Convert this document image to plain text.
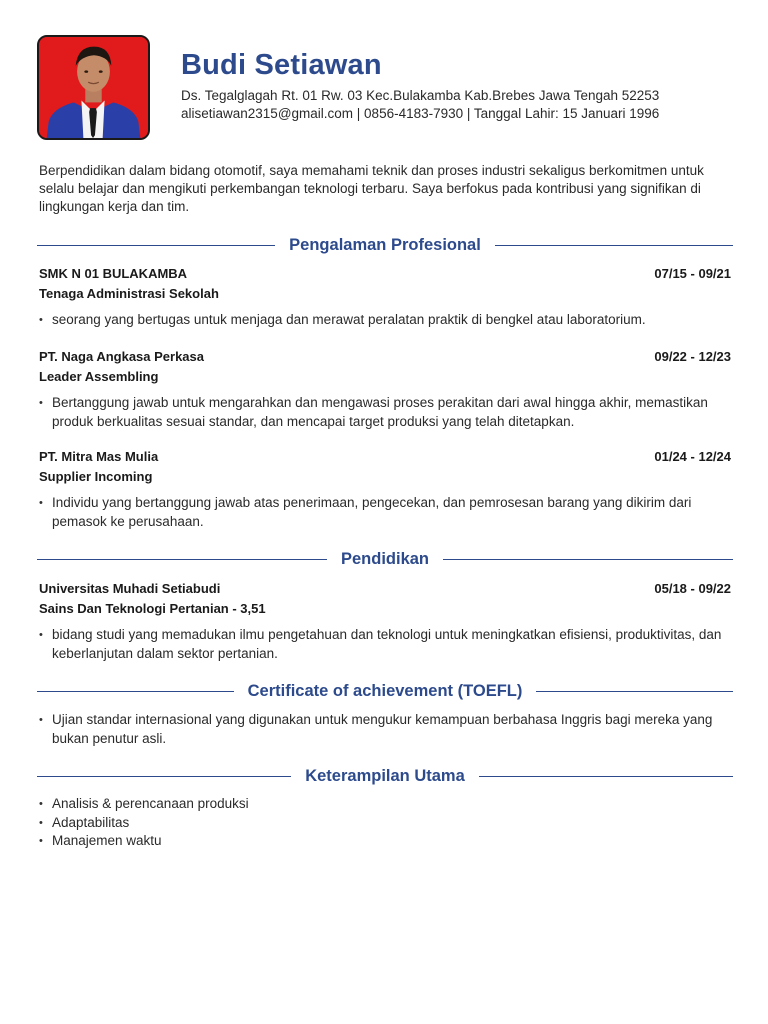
Budi Setiawan
Ds. Tegalglagah Rt. 01 Rw. 03 Kec.Bulakamba Kab.Brebes Jawa Tengah 52253
alisetiawan2315@gmail.com | 0856-4183-7930 | Tanggal Lahir: 15 Januari 1996
Berpendidikan dalam bidang otomotif, saya memahami teknik dan proses industri sekaligus berkomitmen untuk selalu belajar dan mengikuti perkembangan teknologi terbaru. Saya berfokus pada kontribusi yang signifikan di lingkungan kerja dan tim.
Pengalaman Profesional
SMK N 01 BULAKAMBA	07/15 - 09/21
Tenaga Administrasi Sekolah
• seorang yang bertugas untuk menjaga dan merawat peralatan praktik di bengkel atau laboratorium.
PT. Naga Angkasa Perkasa	09/22 - 12/23
Leader Assembling
• Bertanggung jawab untuk mengarahkan dan mengawasi proses perakitan dari awal hingga akhir, memastikan produk berkualitas sesuai standar, dan mencapai target produksi yang telah ditetapkan.
PT. Mitra Mas Mulia	01/24 - 12/24
Supplier Incoming
• Individu yang bertanggung jawab atas penerimaan, pengecekan, dan pemrosesan barang yang dikirim dari pemasok ke perusahaan.
Pendidikan
Universitas Muhadi Setiabudi	05/18 - 09/22
Sains Dan Teknologi Pertanian - 3,51
• bidang studi yang memadukan ilmu pengetahuan dan teknologi untuk meningkatkan efisiensi, produktivitas, dan keberlanjutan dalam sektor pertanian.
Certificate of achievement (TOEFL)
• Ujian standar internasional yang digunakan untuk mengukur kemampuan berbahasa Inggris bagi mereka yang bukan penutur asli.
Keterampilan Utama
• Analisis & perencanaan produksi
• Adaptabilitas
• Manajemen waktu
